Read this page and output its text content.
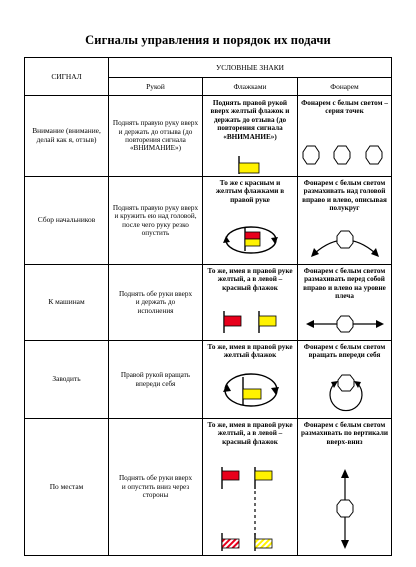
Сигналы управления и порядок их подачи
СИГНАЛ	УСЛОВНЫЕ ЗНАКИ		

	Рукой	Флажками	Фонарем

Внимание (внимание, делай как я, отзыв)	Поднять правую руку вверх и держать до отзыва (до повторения сигнала «ВНИМАНИЕ»)	Поднять правой рукой вверх желтый флажок и держать до отзыва (до повторения сигнала «ВНИМАНИЕ»)	Фонарем с белым светом – серия точек

Сбор начальников	Поднять правую руку вверх и кружить ею над головой, после чего руку резко опустить	То же с красным и желтым флажками в правой руке	Фонарем с белым светом размахивать над головой вправо и влево, описывая полукруг

К машинам	Поднять обе руки вверх и держать до исполнения	То же, имея в правой руке желтый, а в левой – красный флажок	Фонарем с белым светом размахивать перед собой вправо и влево на уровне плеча

Заводить	Правой рукой вращать впереди себя	То же, имея в правой руке желтый флажок	Фонарем с белым светом вращать впереди себя

По местам	Поднять обе руки вверх и опустить вниз через стороны	То же, имея в правой руке желтый, а в левой – красный флажок	Фонарем с белым светом размахивать по вертикали вверх-вниз
